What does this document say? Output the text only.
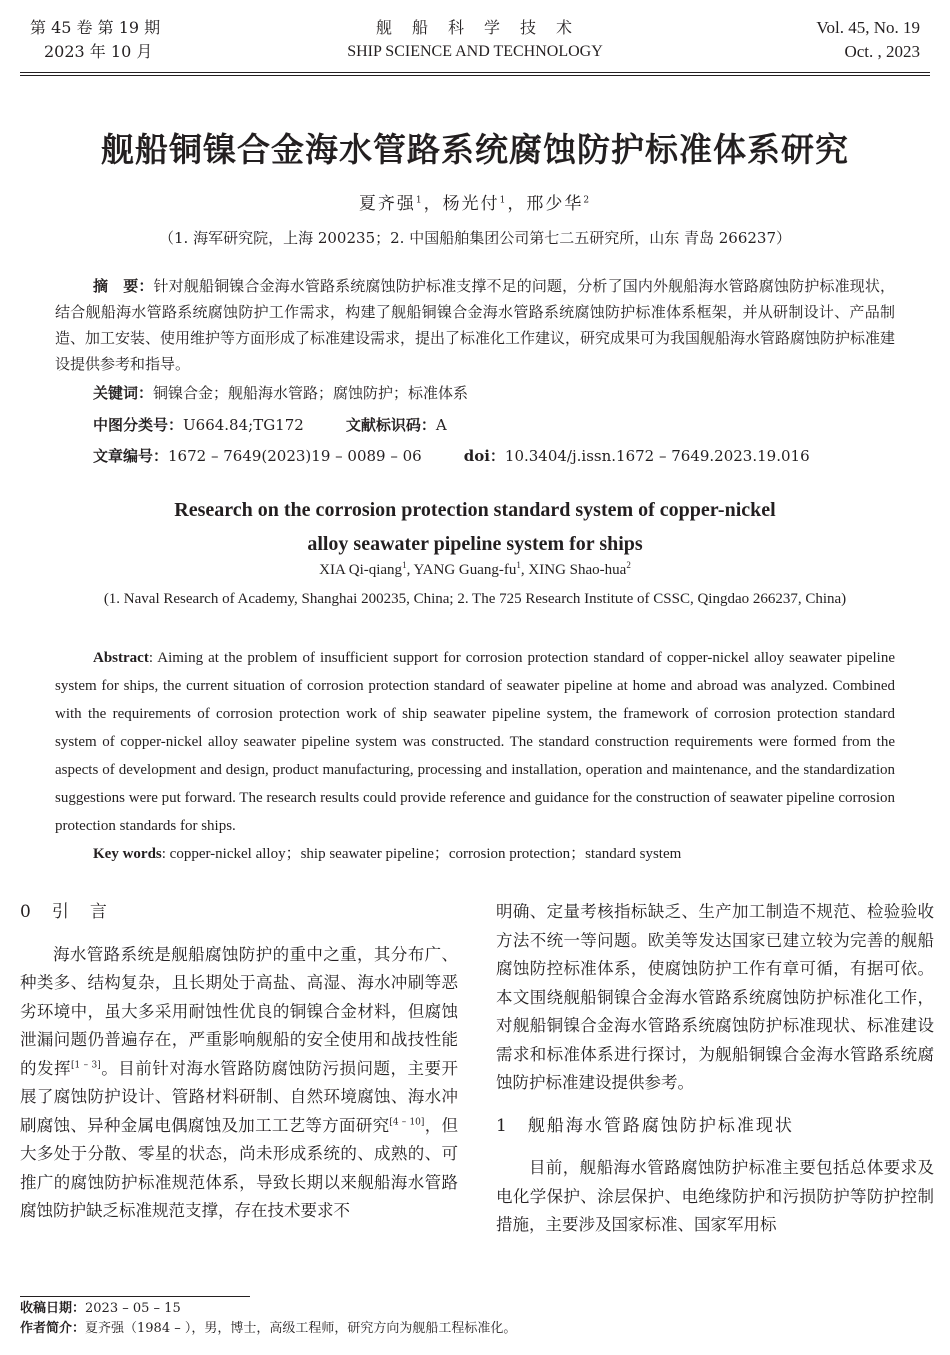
第 45 卷 第 19 期
2023 年 10 月
舰　船　科　学　技　术
SHIP SCIENCE AND TECHNOLOGY
Vol. 45, No. 19
Oct. , 2023
舰船铜镍合金海水管路系统腐蚀防护标准体系研究
夏齐强$^1$，杨光付$^1$，邢少华$^2$
（1. 海军研究院，上海 200235；2. 中国船舶集团公司第七二五研究所，山东 青岛 266237）
摘　要：针对舰船铜镍合金海水管路系统腐蚀防护标准支撑不足的问题，分析了国内外舰船海水管路腐蚀防护标准现状，结合舰船海水管路系统腐蚀防护工作需求，构建了舰船铜镍合金海水管路系统腐蚀防护标准体系框架，并从研制设计、产品制造、加工安装、使用维护等方面形成了标准建设需求，提出了标准化工作建议，研究成果可为我国舰船海水管路腐蚀防护标准建设提供参考和指导。
关键词：铜镍合金；舰船海水管路；腐蚀防护；标准体系
中图分类号：U664.84;TG172	文献标识码：A
文章编号：1672 – 7649(2023)19 – 0089 – 06	doi：10.3404/j.issn.1672 – 7649.2023.19.016
Research on the corrosion protection standard system of copper-nickel
alloy seawater pipeline system for ships
XIA Qi-qiang$^1$, YANG Guang-$fu^1$, XING Shao-hua$^2$
(1. Naval Research of Academy, Shanghai 200235, China; 2. The 725 Research Institute of CSSC, Qingdao 266237, China)
Abstract: Aiming at the problem of insufficient support for corrosion protection standard of copper-nickel alloy seawater pipeline system for ships, the current situation of corrosion protection standard of seawater pipeline at home and abroad was analyzed. Combined with the requirements of corrosion protection work of ship seawater pipeline system, the framework of corrosion protection standard system of copper-nickel alloy seawater pipeline system was constructed. The standard construction requirements were formed from the aspects of development and design, product manufacturing, processing and installation, operation and maintenance, and the standardization suggestions were put forward. The research results could provide reference and guidance for the construction of seawater pipeline corrosion protection standards for ships.
Key words: copper-nickel alloy；ship seawater pipeline；corrosion protection；standard system

0　引　言

海水管路系统是舰船腐蚀防护的重中之重，其分布广、种类多、结构复杂，且长期处于高盐、高湿、海水冲刷等恶劣环境中，虽大多采用耐蚀性优良的铜镍合金材料，但腐蚀泄漏问题仍普遍存在，严重影响舰船的安全使用和战技性能的发挥[1 – 3]。目前针对海水管路防腐蚀防污损问题，主要开展了腐蚀防护设计、管路材料研制、自然环境腐蚀、海水冲刷腐蚀、异种金属电偶腐蚀及加工工艺等方面研究[4 – 10]，但大多处于分散、零星的状态，尚未形成系统的、成熟的、可推广的腐蚀防护标准规范体系，导致长期以来舰船海水管路腐蚀防护缺乏标准规范支撑，存在技术要求不

明确、定量考核指标缺乏、生产加工制造不规范、检验验收方法不统一等问题。欧美等发达国家已建立较为完善的舰船腐蚀防控标准体系，使腐蚀防护工作有章可循，有据可依。本文围绕舰船铜镍合金海水管路系统腐蚀防护标准化工作，对舰船铜镍合金海水管路系统腐蚀防护标准现状、标准建设需求和标准体系进行探讨，为舰船铜镍合金海水管路系统腐蚀防护标准建设提供参考。

1　舰船海水管路腐蚀防护标准现状

目前，舰船海水管路腐蚀防护标准主要包括总体要求及电化学保护、涂层保护、电绝缘防护和污损防护等防护控制措施，主要涉及国家标准、国家军用标

收稿日期：2023 – 05 – 15
作者简介：夏齐强（1984 – ），男，博士，高级工程师，研究方向为舰船工程标准化。
